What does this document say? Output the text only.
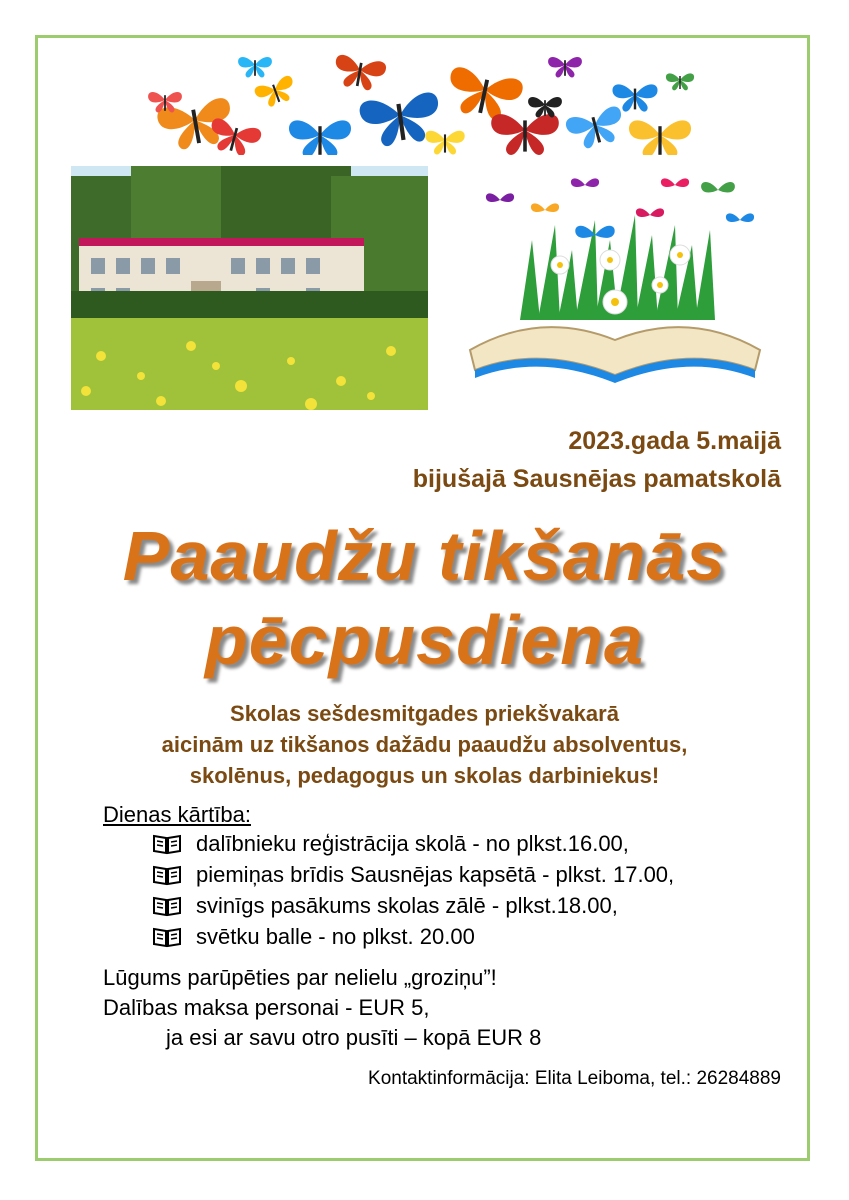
2023.gada 5.maijā
bijušajā Sausnējas pamatskolā
Paaudžu tikšanās
pēcpusdiena
Skolas sešdesmitgades priekšvakarā
aicinām uz tikšanos dažādu paaudžu absolventus,
skolēnus, pedagogus un skolas darbiniekus!
Dienas kārtība:
dalībnieku reģistrācija skolā - no plkst.16.00,
piemiņas brīdis Sausnējas kapsētā - plkst. 17.00,
svinīgs pasākums skolas zālē - plkst.18.00,
svētku balle - no plkst. 20.00
Lūgums parūpēties par nelielu „groziņu”!
Dalības maksa personai - EUR 5,
ja esi ar savu otro pusīti – kopā EUR 8
Kontaktinformācija: Elita Leiboma, tel.: 26284889
